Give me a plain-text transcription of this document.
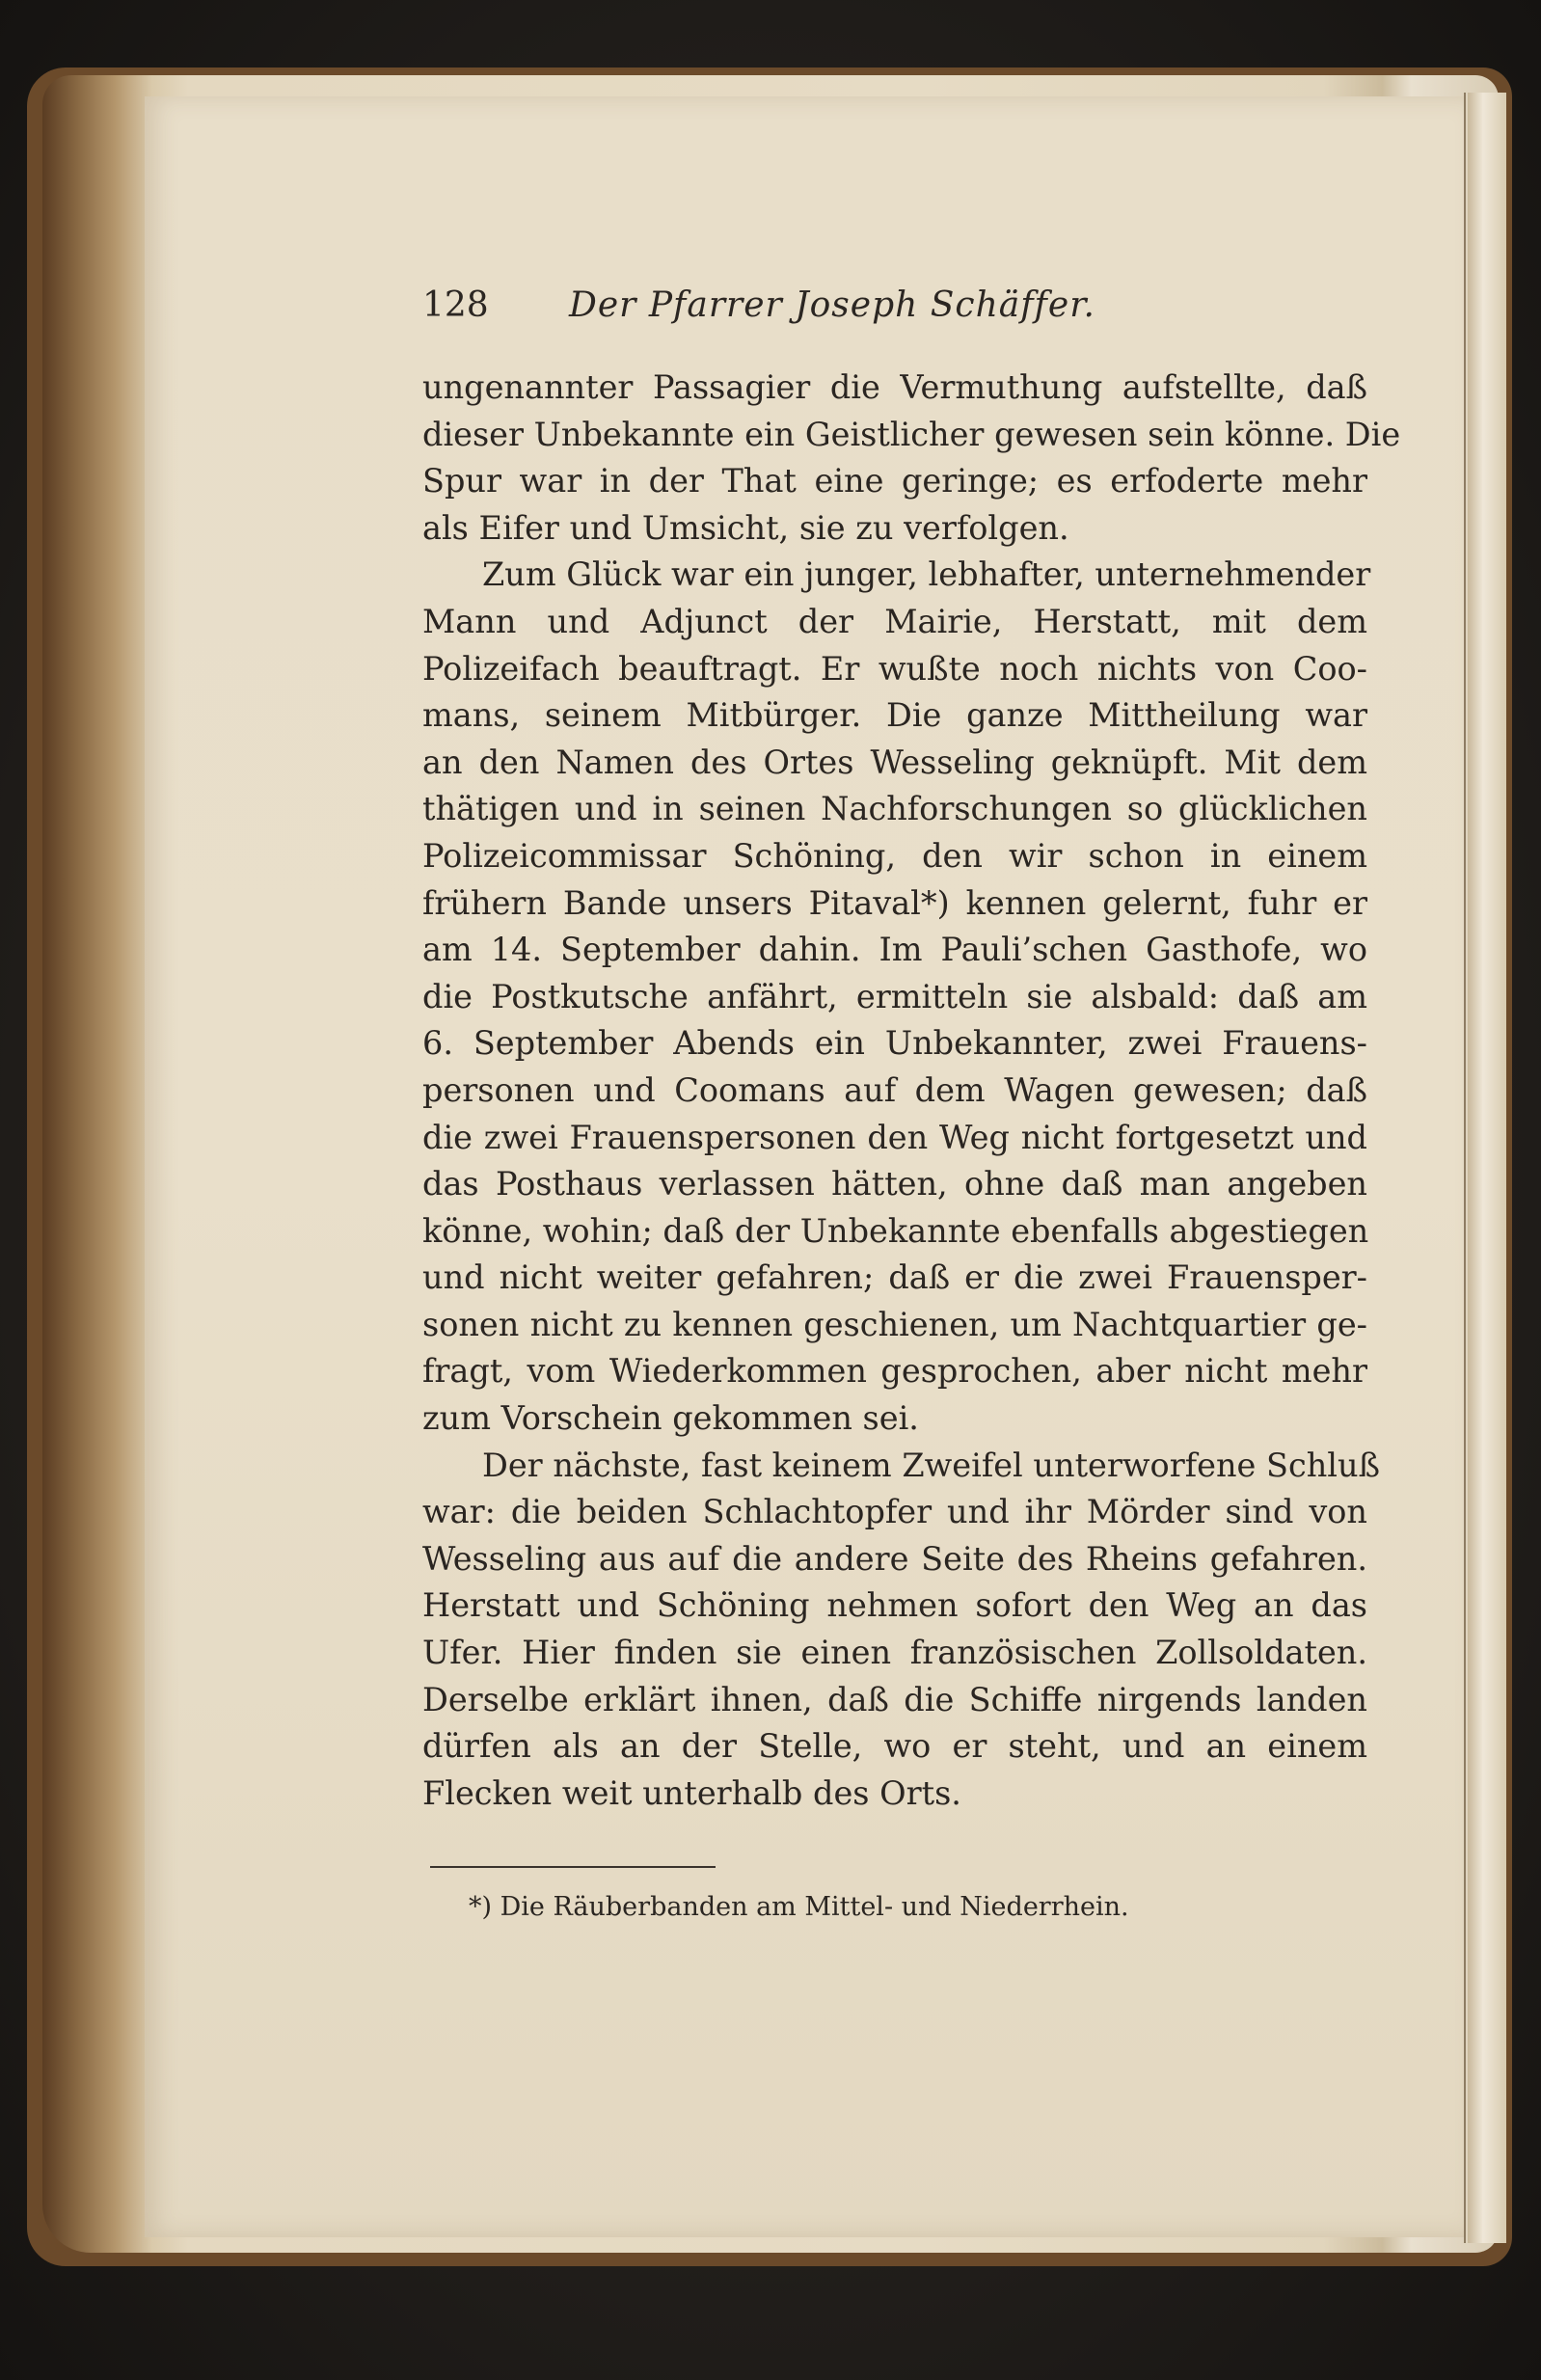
128	Der Pfarrer Joseph Schäffer.
ungenannter Passagier die Vermuthung aufstellte, daß
dieser Unbekannte ein Geistlicher gewesen sein könne. Die
Spur war in der That eine geringe; es erfoderte mehr
als Eifer und Umsicht, sie zu verfolgen.
Zum Glück war ein junger, lebhafter, unternehmender
Mann und Adjunct der Mairie, Herstatt, mit dem
Polizeifach beauftragt. Er wußte noch nichts von Coo-
mans, seinem Mitbürger. Die ganze Mittheilung war
an den Namen des Ortes Wesseling geknüpft. Mit dem
thätigen und in seinen Nachforschungen so glücklichen
Polizeicommissar Schöning, den wir schon in einem
frühern Bande unsers Pitaval*) kennen gelernt, fuhr er
am 14. September dahin. Im Pauli’schen Gasthofe, wo
die Postkutsche anfährt, ermitteln sie alsbald: daß am
6. September Abends ein Unbekannter, zwei Frauens-
personen und Coomans auf dem Wagen gewesen; daß
die zwei Frauenspersonen den Weg nicht fortgesetzt und
das Posthaus verlassen hätten, ohne daß man angeben
könne, wohin; daß der Unbekannte ebenfalls abgestiegen
und nicht weiter gefahren; daß er die zwei Frauensper-
sonen nicht zu kennen geschienen, um Nachtquartier ge-
fragt, vom Wiederkommen gesprochen, aber nicht mehr
zum Vorschein gekommen sei.
Der nächste, fast keinem Zweifel unterworfene Schluß
war: die beiden Schlachtopfer und ihr Mörder sind von
Wesseling aus auf die andere Seite des Rheins gefahren.
Herstatt und Schöning nehmen sofort den Weg an das
Ufer. Hier finden sie einen französischen Zollsoldaten.
Derselbe erklärt ihnen, daß die Schiffe nirgends landen
dürfen als an der Stelle, wo er steht, und an einem
Flecken weit unterhalb des Orts.
*) Die Räuberbanden am Mittel- und Niederrhein.
